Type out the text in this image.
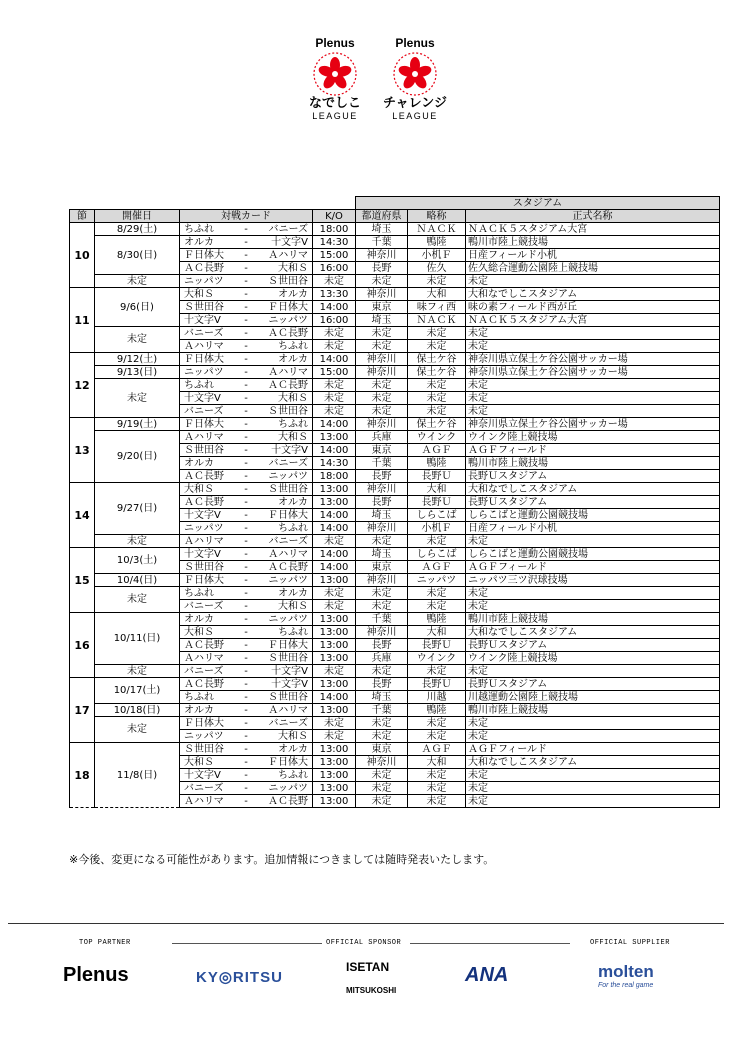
Plenus
なでしこ
LEAGUE
Plenus
チャレンジ
LEAGUE
				スタジアム		
節	開催日	対戦カード	K/O	都道府県	略称	正式名称
10	8/29(土)	ちふれ - バニーズ	18:00	埼玉	ＮＡＣＫ	ＮＡＣＫ５スタジアム大宮
	8/30(日)	オルカ - 十文字V	14:30	千葉	鴨陸	鴨川市陸上競技場

		Ｆ日体大 - Ａハリマ	15:00	神奈川	小机Ｆ	日産フィールド小机

		ＡＣ長野 - 大和Ｓ	16:00	長野	佐久	佐久総合運動公園陸上競技場
	未定	ニッパツ - Ｓ世田谷	未定	未定	未定	未定
11	9/6(日)	大和Ｓ - オルカ	13:30	神奈川	大和	大和なでしこスタジアム

		Ｓ世田谷 - Ｆ日体大	14:00	東京	味フィ西	味の素フィールド西が丘

		十文字V - ニッパツ	16:00	埼玉	ＮＡＣＫ	ＮＡＣＫ５スタジアム大宮
	未定	バニーズ - ＡＣ長野	未定	未定	未定	未定

		Ａハリマ - ちふれ	未定	未定	未定	未定
12	9/12(土)	Ｆ日体大 - オルカ	14:00	神奈川	保土ケ谷	神奈川県立保土ケ谷公園サッカー場
	9/13(日)	ニッパツ - Ａハリマ	15:00	神奈川	保土ケ谷	神奈川県立保土ケ谷公園サッカー場
	未定	ちふれ - ＡＣ長野	未定	未定	未定	未定

		十文字V - 大和Ｓ	未定	未定	未定	未定

		バニーズ - Ｓ世田谷	未定	未定	未定	未定
13	9/19(土)	Ｆ日体大 - ちふれ	14:00	神奈川	保土ケ谷	神奈川県立保土ケ谷公園サッカー場
	9/20(日)	Ａハリマ - 大和Ｓ	13:00	兵庫	ウインク	ウインク陸上競技場

		Ｓ世田谷 - 十文字V	14:00	東京	ＡＧＦ	ＡＧＦフィールド

		オルカ - バニーズ	14:30	千葉	鴨陸	鴨川市陸上競技場

		ＡＣ長野 - ニッパツ	18:00	長野	長野Ｕ	長野Ｕスタジアム
14	9/27(日)	大和Ｓ - Ｓ世田谷	13:00	神奈川	大和	大和なでしこスタジアム

		ＡＣ長野 - オルカ	13:00	長野	長野Ｕ	長野Ｕスタジアム

		十文字V - Ｆ日体大	14:00	埼玉	しらこば	しらこばと運動公園競技場

		ニッパツ - ちふれ	14:00	神奈川	小机Ｆ	日産フィールド小机
	未定	Ａハリマ - バニーズ	未定	未定	未定	未定
15	10/3(土)	十文字V - Ａハリマ	14:00	埼玉	しらこば	しらこばと運動公園競技場

		Ｓ世田谷 - ＡＣ長野	14:00	東京	ＡＧＦ	ＡＧＦフィールド
	10/4(日)	Ｆ日体大 - ニッパツ	13:00	神奈川	ニッパツ	ニッパツ三ツ沢球技場
	未定	ちふれ - オルカ	未定	未定	未定	未定

		バニーズ - 大和Ｓ	未定	未定	未定	未定
16	10/11(日)	オルカ - ニッパツ	13:00	千葉	鴨陸	鴨川市陸上競技場

		大和Ｓ - ちふれ	13:00	神奈川	大和	大和なでしこスタジアム

		ＡＣ長野 - Ｆ日体大	13:00	長野	長野Ｕ	長野Ｕスタジアム

		Ａハリマ - Ｓ世田谷	13:00	兵庫	ウインク	ウインク陸上競技場
	未定	バニーズ - 十文字V	未定	未定	未定	未定
17	10/17(土)	ＡＣ長野 - 十文字V	13:00	長野	長野Ｕ	長野Ｕスタジアム

		ちふれ - Ｓ世田谷	14:00	埼玉	川越	川越運動公園陸上競技場
	10/18(日)	オルカ - Ａハリマ	13:00	千葉	鴨陸	鴨川市陸上競技場
	未定	Ｆ日体大 - バニーズ	未定	未定	未定	未定

		ニッパツ - 大和Ｓ	未定	未定	未定	未定
18	11/8(日)	Ｓ世田谷 - オルカ	13:00	東京	ＡＧＦ	ＡＧＦフィールド

		大和Ｓ - Ｆ日体大	13:00	神奈川	大和	大和なでしこスタジアム

		十文字V - ちふれ	13:00	未定	未定	未定

		バニーズ - ニッパツ	13:00	未定	未定	未定

		Ａハリマ - ＡＣ長野	13:00	未定	未定	未定
※今後、変更になる可能性があります。追加情報につきましては随時発表いたします。
TOP PARTNER	OFFICIAL SPONSOR	OFFICIAL SUPPLIER
Plenus	KY◎RITSU
ISETAN
MITSUKOSHI
ANA	molten
For the real game
